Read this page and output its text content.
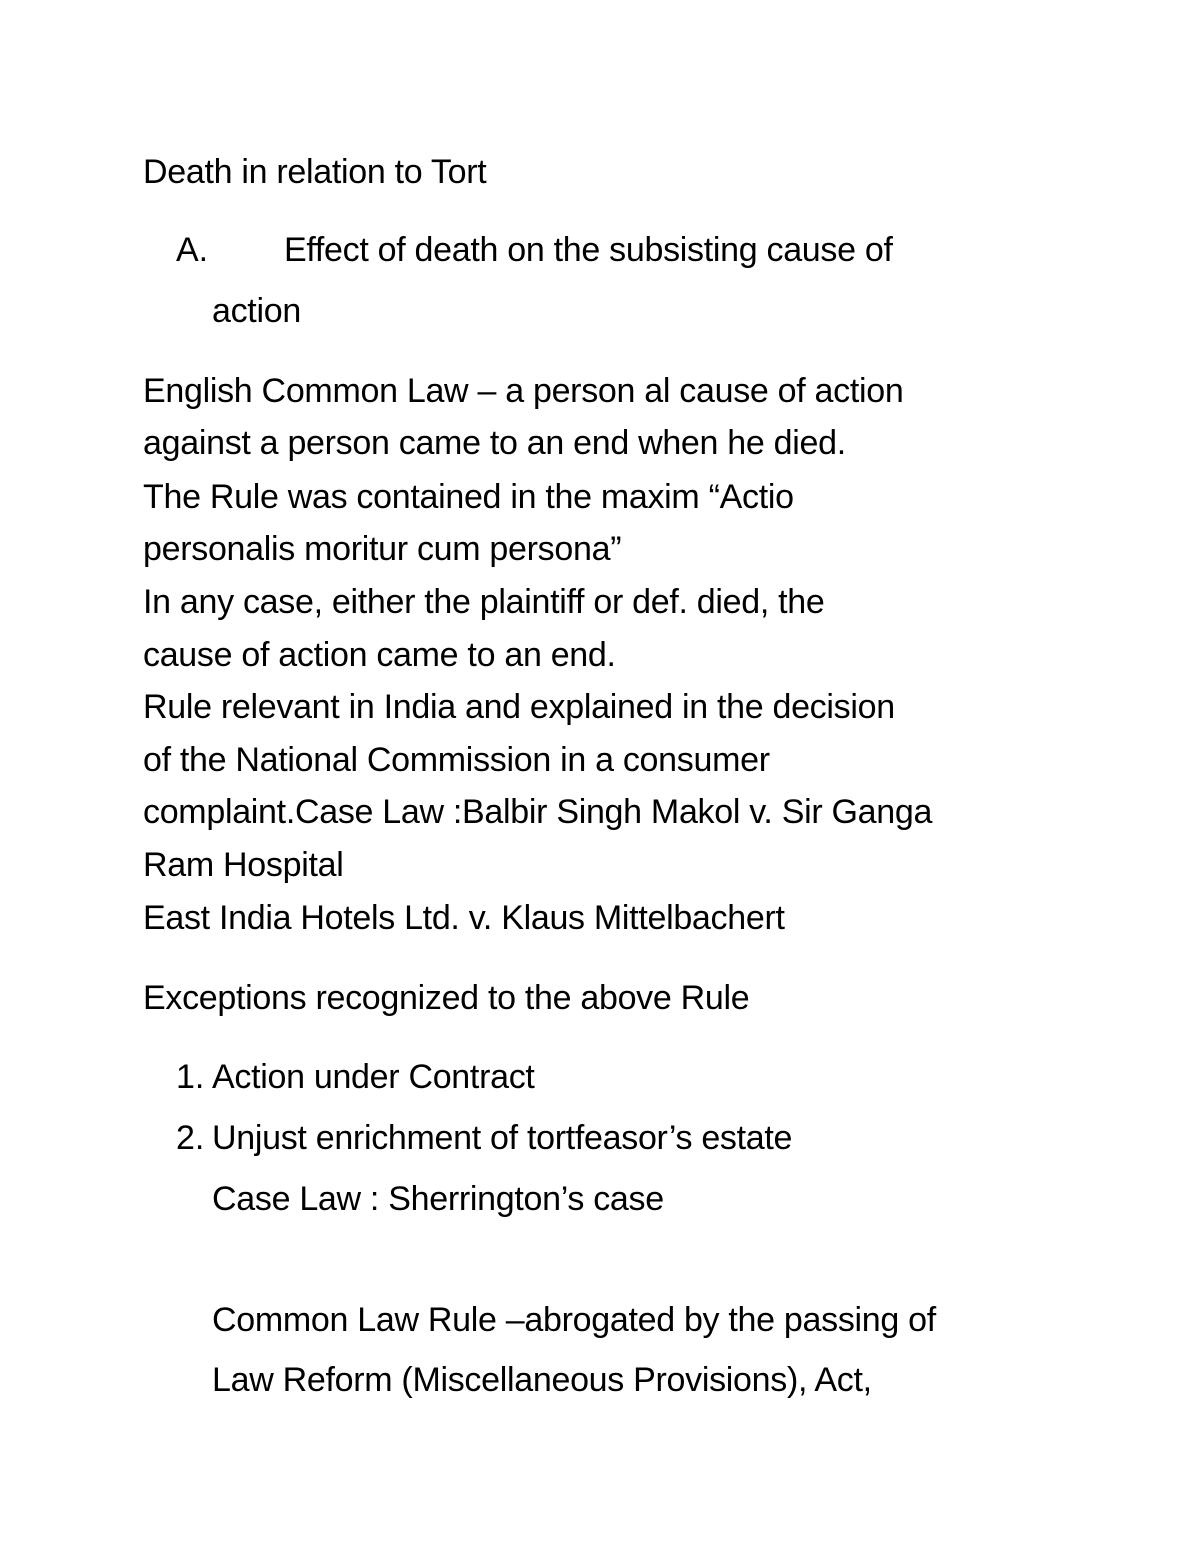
Death in relation to Tort
A. Effect of death on the subsisting cause of
action
English Common Law – a person al cause of action
against a person came to an end when he died.
The Rule was contained in the maxim “Actio
personalis moritur cum persona”
In any case, either the plaintiff or def. died, the
cause of action came to an end.
Rule relevant in India and explained in the decision
of the National Commission in a consumer
complaint.Case Law :Balbir Singh Makol v. Sir Ganga
Ram Hospital
East India Hotels Ltd. v. Klaus Mittelbachert
Exceptions recognized to the above Rule
1. Action under Contract
2. Unjust enrichment of tortfeasor’s estate
Case Law : Sherrington’s case
Common Law Rule –abrogated by the passing of
Law Reform (Miscellaneous Provisions), Act,
